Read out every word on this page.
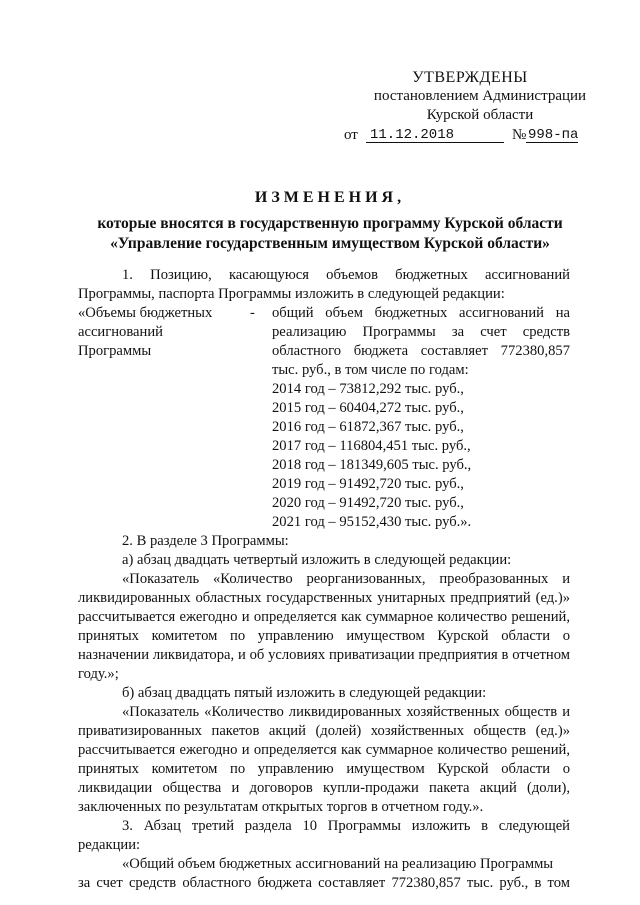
УТВЕРЖДЕНЫ
постановлением Администрации
Курской области
от 11.12.2018	№ 998-па
ИЗМЕНЕНИЯ,
которые вносятся в государственную программу Курской области
«Управление государственным имуществом Курской области»

1. Позицию, касающуюся объемов бюджетных ассигнований Программы, паспорта Программы изложить в следующей редакции:

«Объемы бюджетных
ассигнований
Программы
-	общий объем бюджетных ассигнований на реализацию Программы за счет средств областного бюджета составляет 772380,857 тыс. руб., в том числе по годам:

2014 год – 73812,292 тыс. руб.,
2015 год – 60404,272 тыс. руб.,
2016 год – 61872,367 тыс. руб.,
2017 год – 116804,451 тыс. руб.,
2018 год – 181349,605 тыс. руб.,
2019 год – 91492,720 тыс. руб.,
2020 год – 91492,720 тыс. руб.,
2021 год – 95152,430 тыс. руб.».

2. В разделе 3 Программы:

а) абзац двадцать четвертый изложить в следующей редакции:

«Показатель «Количество реорганизованных, преобразованных и ликвидированных областных государственных унитарных предприятий (ед.)» рассчитывается ежегодно и определяется как суммарное количество решений, принятых комитетом по управлению имуществом Курской области о назначении ликвидатора, и об условиях приватизации предприятия в отчетном году.»;

б) абзац двадцать пятый изложить в следующей редакции:

«Показатель «Количество ликвидированных хозяйственных обществ и приватизированных пакетов акций (долей) хозяйственных обществ (ед.)» рассчитывается ежегодно и определяется как суммарное количество решений, принятых комитетом по управлению имуществом Курской области о ликвидации общества и договоров купли-продажи пакета акций (доли), заключенных по результатам открытых торгов в отчетном году.».

3. Абзац третий раздела 10 Программы изложить в следующей редакции:

«Общий объем бюджетных ассигнований на реализацию Программы

за счет средств областного бюджета составляет 772380,857 тыс. руб., в том
